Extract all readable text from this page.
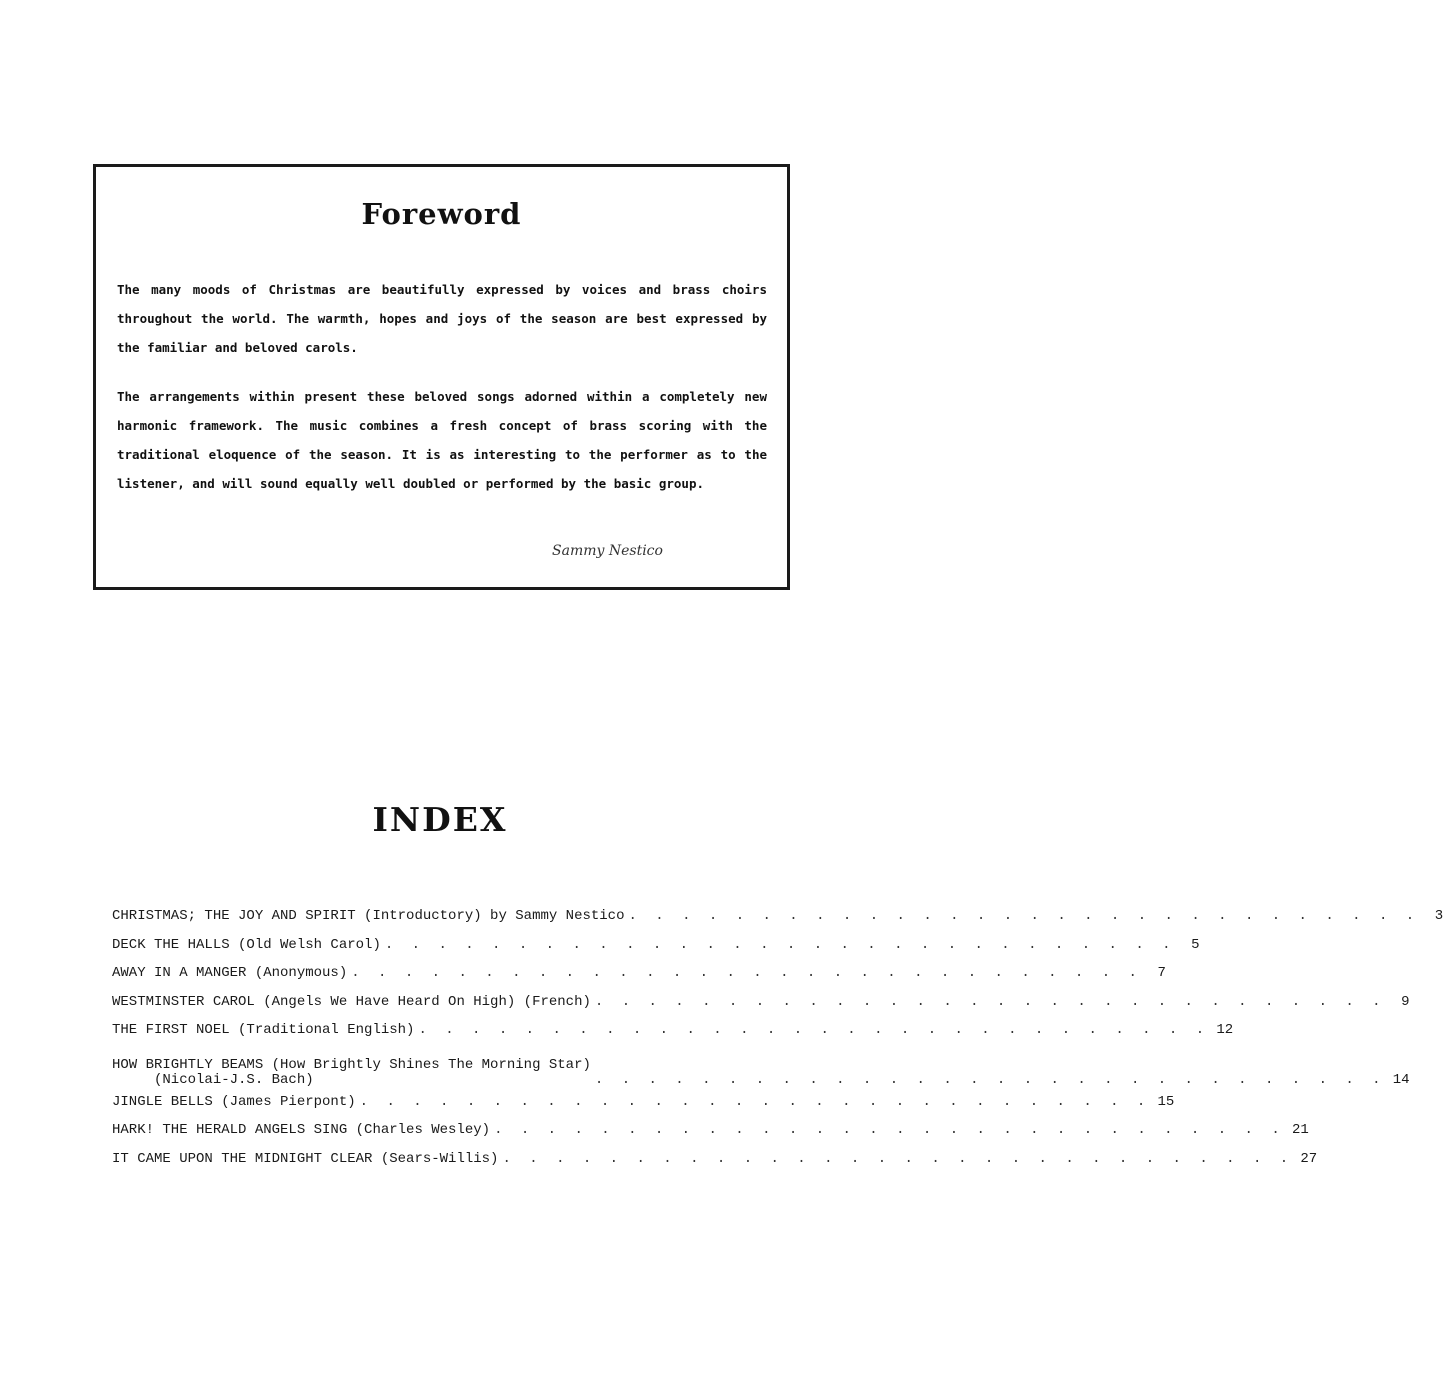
Foreword

The many moods of Christmas are beautifully expressed by voices and brass choirs throughout the world. The warmth, hopes and joys of the season are best expressed by the familiar and beloved carols.

The arrangements within present these beloved songs adorned within a completely new harmonic framework. The music combines a fresh concept of brass scoring with the traditional eloquence of the season. It is as interesting to the performer as to the listener, and will sound equally well doubled or performed by the basic group.

Sammy Nestico
INDEX
CHRISTMAS; THE JOY AND SPIRIT (Introductory) by Sammy Nestico . . . . . . . . . . . . . . . . . . . . . . . . . . . . . .	3
DECK THE HALLS (Old Welsh Carol) . . . . . . . . . . . . . . . . . . . . . . . . . . . . . .	5
AWAY IN A MANGER (Anonymous) . . . . . . . . . . . . . . . . . . . . . . . . . . . . . .	7
WESTMINSTER CAROL (Angels We Have Heard On High) (French) . . . . . . . . . . . . . . . . . . . . . . . . . . . . . .	9
THE FIRST NOEL (Traditional English) . . . . . . . . . . . . . . . . . . . . . . . . . . . . . . 12
HOW BRIGHTLY BEAMS (How Brightly Shines The Morning Star)
(Nicolai-J.S. Bach)	. . . . . . . . . . . . . . . . . . . . . . . . . . . . . . 14
JINGLE BELLS (James Pierpont) . . . . . . . . . . . . . . . . . . . . . . . . . . . . . . 15
HARK! THE HERALD ANGELS SING (Charles Wesley) . . . . . . . . . . . . . . . . . . . . . . . . . . . . . . 21
IT CAME UPON THE MIDNIGHT CLEAR (Sears-Willis) . . . . . . . . . . . . . . . . . . . . . . . . . . . . . . 27
